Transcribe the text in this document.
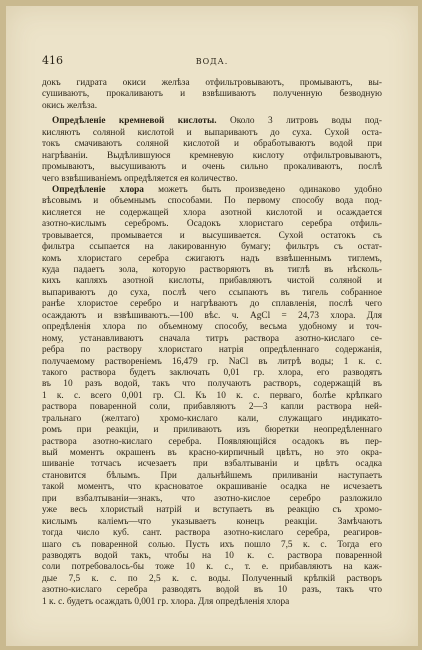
416	ВОДА.
докъ гидрата окиси желѣза отфильтровываютъ, промываютъ, вы-
сушиваютъ, прокаливаютъ и взвѣшиваютъ полученную безводную
окись желѣза.
Опредѣленіе кремневой кислоты. Около 3 литровъ воды под-
кисляютъ соляной кислотой и выпариваютъ до суха. Сухой остa-
токъ смачиваютъ соляной кислотой и обработываютъ водой при
нагрѣваніи. Выдѣлившуюся кремневую кислоту отфильтровываютъ,
промываютъ, высушиваютъ и очень сильно прокаливаютъ, послѣ
чего взвѣшиваніемъ опредѣляется ея количество.
Опредѣленіе хлора можетъ быть произведено одинаково удобно
вѣсовымъ и объемнымъ способами. По первому способу вода под-
кисляется не содержащей хлора азотной кислотой и осаждается
азотно-кислымъ серебромъ. Осадокъ хлористаго серебра отфиль-
тровывается, промывается и высушивается. Сухой остатокъ съ
фильтра ссыпается на лакированную бумагу; фильтръ съ остат-
комъ хлористаго серебра сжигаютъ надъ взвѣшеннымъ тиглемъ,
куда падаетъ зола, которую растворяютъ въ тиглѣ въ нѣсколь-
кихъ капляхъ азотной кислоты, прибавляютъ чистой соляной и
выпариваютъ до суха, послѣ чего ссыпаютъ въ тигель собранное
ранѣе хлористое серебро и нагрѣваютъ до сплавленія, послѣ чего
осаждаютъ и взвѣшиваютъ.—100 вѣс. ч. AgCl = 24,73 хлора. Для
опредѣленія хлора по объемному способу, весьма удобному и точ-
ному, устанавливаютъ сначала титръ раствора азотно-кислаго се-
ребра по раствору хлористаго натрія опредѣленнаго содержанія,
получаемому растворенiемъ 16,479 гр. NaCl въ литрѣ воды; 1 к. с.
такого раствора будетъ заключать 0,01 гр. хлора, его разводятъ
въ 10 разъ водой, такъ что получаютъ растворъ, содержащій въ
1 к. с. всего 0,001 гр. Cl. Къ 10 к. с. перваго, болѣе крѣпкаго
раствора поваренной соли, прибавляютъ 2—3 капли раствора ней-
тральнаго (желтаго) хромо-кислаго кали, служащаго индикато-
ромъ при реакціи, и приливаютъ изъ бюретки неопредѣленнаго
раствора азотно-кислаго серебра. Появляющійся осадокъ въ пер-
вый моментъ окрашенъ въ красно-кирпичный цвѣтъ, но это окра-
шиваніе тотчасъ исчезаетъ при взбалтываніи и цвѣтъ осадка
становится бѣлымъ. При дальнѣйшемъ приливаніи наступаетъ
такой моментъ, что красноватое окрашиваніе осадка не исчезаетъ
при взбалтываніи—знакъ, что азотно-кислое серебро разложило
уже весь хлористый натрій и вступаетъ въ реакцію съ хромо-
кислымъ каліемъ—что указываетъ конецъ реакціи. Замѣчаютъ
тогда число куб. сант. раствора азотно-кислаго серебра, реагиров-
шаго съ поваренной солью. Пусть ихъ пошло 7,5 к. с. Тогда его
разводятъ водой такъ, чтобы на 10 к. с. раствора поваренной
соли потребовалось-бы тоже 10 к. с., т. е. прибавляютъ на каж-
дые 7,5 к. с. по 2,5 к. с. воды. Полученный крѣпкій растворъ
азотно-кислаго серебра разводятъ водой въ 10 разъ, такъ что
1 к. с. будетъ осаждать 0,001 гр. хлора. Для опредѣленія хлора
